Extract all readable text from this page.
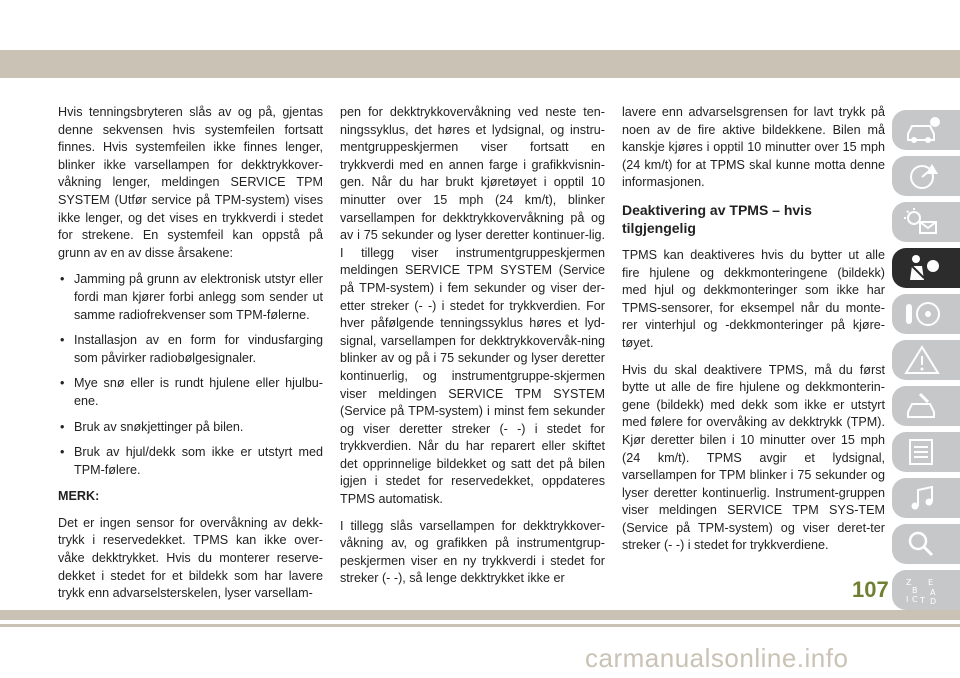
Hvis tenningsbryteren slås av og på, gjentas denne sekvensen hvis systemfeilen fortsatt finnes. Hvis systemfeilen ikke finnes lenger, blinker ikke varsellampen for dekktrykkover-våkning lenger, meldingen SERVICE TPM SYSTEM (Utfør service på TPM-system) vises ikke lenger, og det vises en trykkverdi i stedet for strekene. En systemfeil kan oppstå på grunn av en av disse årsakene:

• Jamming på grunn av elektronisk utstyr eller fordi man kjører forbi anlegg som sender ut samme radiofrekvenser som TPM-følerne.
• Installasjon av en form for vindusfarging som påvirker radiobølgesignaler.
• Mye snø eller is rundt hjulene eller hjulbu-ene.
• Bruk av snøkjettinger på bilen.
• Bruk av hjul/dekk som ikke er utstyrt med TPM-følere.

MERK:

Det er ingen sensor for overvåkning av dekk-trykk i reservedekket. TPMS kan ikke over-våke dekktrykket. Hvis du monterer reserve-dekket i stedet for et bildekk som har lavere trykk enn advarselsterskelen, lyser varsellam-

pen for dekktrykkovervåkning ved neste ten-ningssyklus, det høres et lydsignal, og instru-mentgruppeskjermen viser fortsatt en trykkverdi med en annen farge i grafikkvisnin-gen. Når du har brukt kjøretøyet i opptil 10 minutter over 15 mph (24 km/t), blinker varsellampen for dekktrykkovervåkning på og av i 75 sekunder og lyser deretter kontinuer-lig. I tillegg viser instrumentgruppeskjermen meldingen SERVICE TPM SYSTEM (Service på TPM-system) i fem sekunder og viser der-etter streker (- -) i stedet for trykkverdien. For hver påfølgende tenningssyklus høres et lyd-signal, varsellampen for dekktrykkovervåk-ning blinker av og på i 75 sekunder og lyser deretter kontinuerlig, og instrumentgruppe-skjermen viser meldingen SERVICE TPM SYSTEM (Service på TPM-system) i minst fem sekunder og viser deretter streker (- -) i stedet for trykkverdien. Når du har reparert eller skiftet det opprinnelige bildekket og satt det på bilen igjen i stedet for reservedekket, oppdateres TPMS automatisk.

I tillegg slås varsellampen for dekktrykkover-våkning av, og grafikken på instrumentgrup-peskjermen viser en ny trykkverdi i stedet for streker (- -), så lenge dekktrykket ikke er

lavere enn advarselsgrensen for lavt trykk på noen av de fire aktive bildekkene. Bilen må kanskje kjøres i opptil 10 minutter over 15 mph (24 km/t) for at TPMS skal kunne motta denne informasjonen.

Deaktivering av TPMS – hvis tilgjengelig

TPMS kan deaktiveres hvis du bytter ut alle fire hjulene og dekkmonteringene (bildekk) med hjul og dekkmonteringer som ikke har TPMS-sensorer, for eksempel når du monte-rer vinterhjul og -dekkmonteringer på kjøre-tøyet.

Hvis du skal deaktivere TPMS, må du først bytte ut alle de fire hjulene og dekkmonterin-gene (bildekk) med dekk som ikke er utstyrt med følere for overvåking av dekktrykk (TPM). Kjør deretter bilen i 10 minutter over 15 mph (24 km/t). TPMS avgir et lydsignal, varsellampen for TPM blinker i 75 sekunder og lyser deretter kontinuerlig. Instrument-gruppen viser meldingen SERVICE TPM SYS-TEM (Service på TPM-system) og viser deret-ter streker (- -) i stedet for trykkverdiene.

Z E
B A
I C T D
107
carmanualsonline.info
